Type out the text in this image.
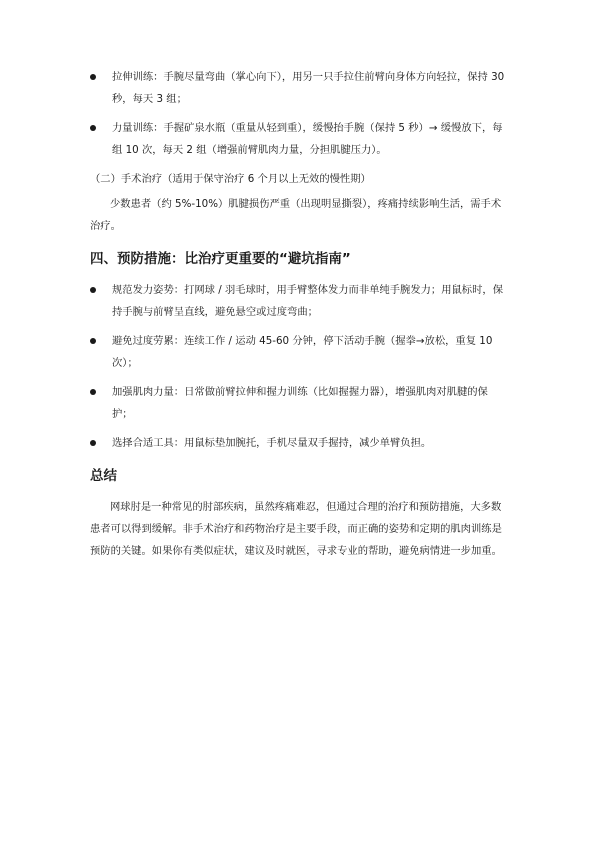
拉伸训练：手腕尽量弯曲（掌心向下），用另一只手拉住前臂向身体方向轻拉，保持 30 秒，每天 3 组；
力量训练：手握矿泉水瓶（重量从轻到重），缓慢抬手腕（保持 5 秒）→ 缓慢放下，每组 10 次，每天 2 组（增强前臂肌肉力量，分担肌腱压力）。

（二）手术治疗（适用于保守治疗 6 个月以上无效的慢性期）

少数患者（约 5%-10%）肌腱损伤严重（出现明显撕裂），疼痛持续影响生活，需手术治疗。

四、预防措施：比治疗更重要的“避坑指南”
规范发力姿势：打网球 / 羽毛球时，用手臂整体发力而非单纯手腕发力；用鼠标时，保持手腕与前臂呈直线，避免悬空或过度弯曲；
避免过度劳累：连续工作 / 运动 45-60 分钟，停下活动手腕（握拳→放松，重复 10 次）；
加强肌肉力量：日常做前臂拉伸和握力训练（比如握握力器），增强肌肉对肌腱的保护；
选择合适工具：用鼠标垫加腕托，手机尽量双手握持，减少单臂负担。
总结

网球肘是一种常见的肘部疾病，虽然疼痛难忍，但通过合理的治疗和预防措施，大多数患者可以得到缓解。非手术治疗和药物治疗是主要手段，而正确的姿势和定期的肌肉训练是预防的关键。如果你有类似症状，建议及时就医，寻求专业的帮助，避免病情进一步加重。
